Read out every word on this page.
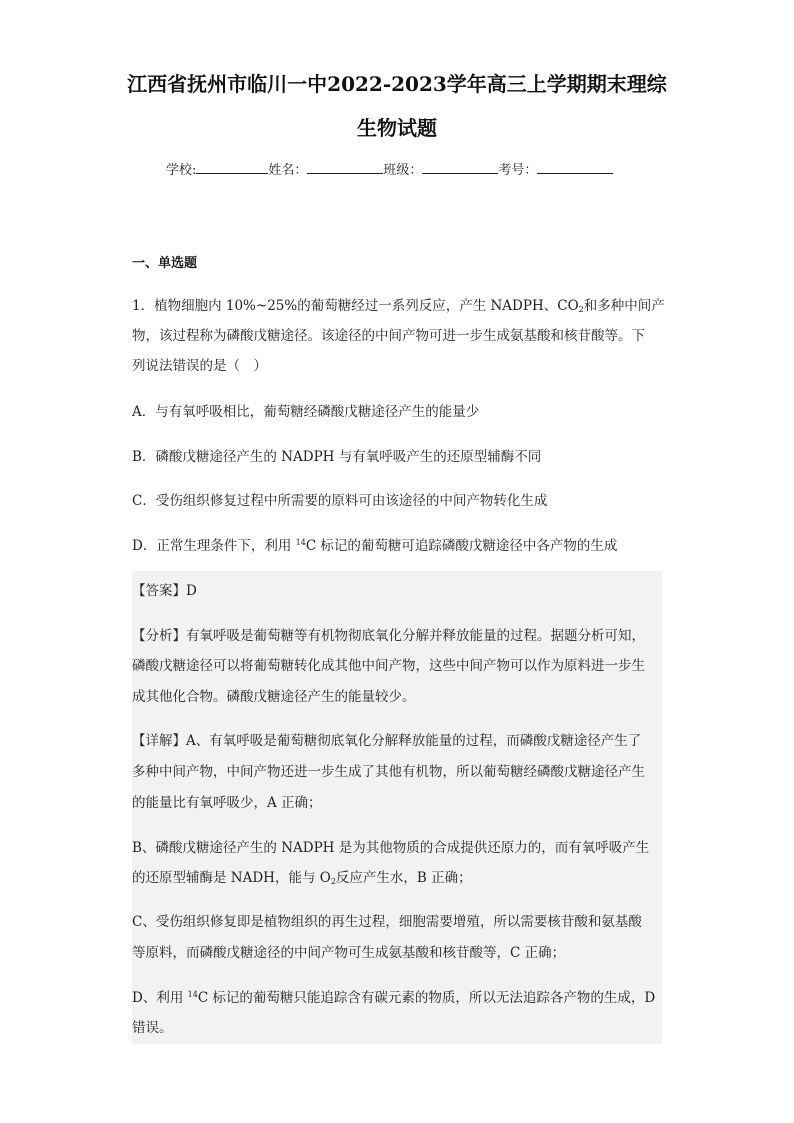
江西省抚州市临川一中2022-2023学年高三上学期期末理综
生物试题
学校:	姓名：	班级：	考号：
一、单选题
1．植物细胞内 10%~25%的葡萄糖经过一系列反应，产生 NADPH、$CO_2$和多种中间产
物，该过程称为磷酸戊糖途径。该途径的中间产物可进一步生成氨基酸和核苷酸等。下
列说法错误的是（　）
A．与有氧呼吸相比，葡萄糖经磷酸戊糖途径产生的能量少
B．磷酸戊糖途径产生的 NADPH 与有氧呼吸产生的还原型辅酶不同
C．受伤组织修复过程中所需要的原料可由该途径的中间产物转化生成
D．正常生理条件下，利用 $^{14}$C 标记的葡萄糖可追踪磷酸戊糖途径中各产物的生成
【答案】D
【分析】有氧呼吸是葡萄糖等有机物彻底氧化分解并释放能量的过程。据题分析可知，
磷酸戊糖途径可以将葡萄糖转化成其他中间产物，这些中间产物可以作为原料进一步生
成其他化合物。磷酸戊糖途径产生的能量较少。
【详解】A、有氧呼吸是葡萄糖彻底氧化分解释放能量的过程，而磷酸戊糖途径产生了
多种中间产物，中间产物还进一步生成了其他有机物，所以葡萄糖经磷酸戊糖途径产生
的能量比有氧呼吸少，A 正确；
B、磷酸戊糖途径产生的 NADPH 是为其他物质的合成提供还原力的，而有氧呼吸产生
的还原型辅酶是 NADH，能与 $O_2$反应产生水，B 正确；
C、受伤组织修复即是植物组织的再生过程，细胞需要增殖，所以需要核苷酸和氨基酸
等原料，而磷酸戊糖途径的中间产物可生成氨基酸和核苷酸等，C 正确；
D、利用 $^{14}$C 标记的葡萄糖只能追踪含有碳元素的物质，所以无法追踪各产物的生成，D
错误。
